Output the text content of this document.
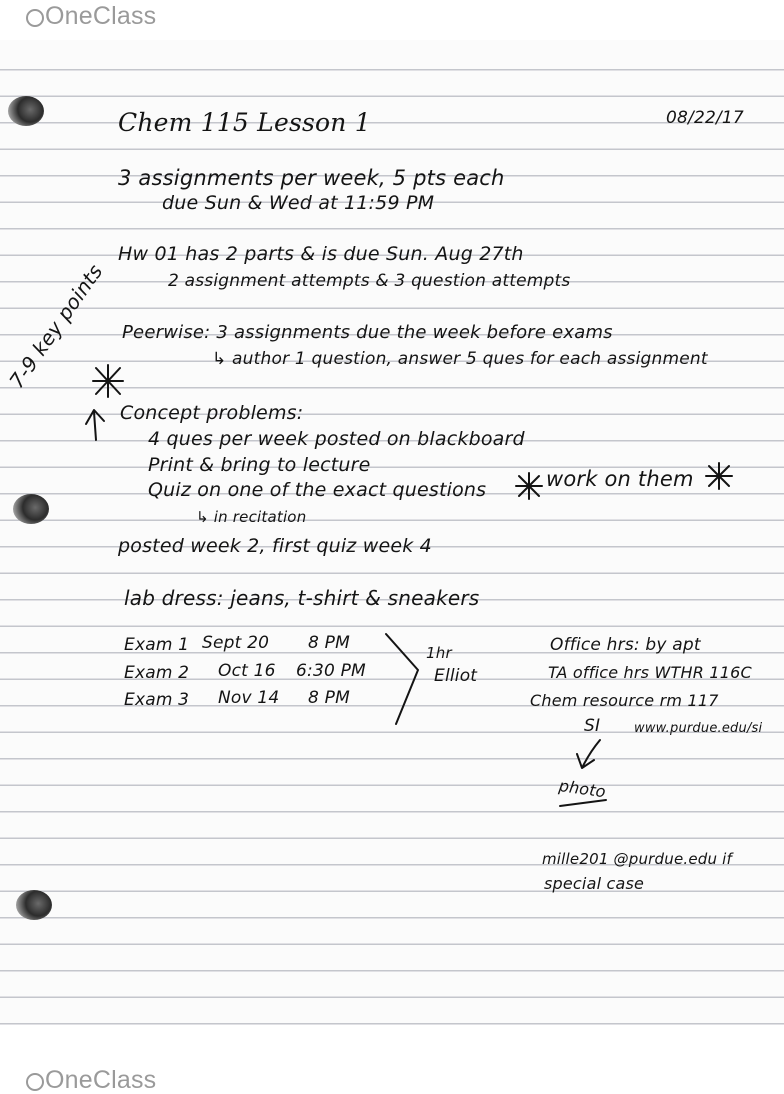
OneClass
Chem 115 Lesson 1	08/22/17
3 assignments per week, 5 pts each
due Sun & Wed at 11:59 PM
Hw 01 has 2 parts & is due Sun. Aug 27th
2 assignment attempts & 3 question attempts
Peerwise: 3 assignments due the week before exams
↳ author 1 question, answer 5 ques for each assignment
7-9 key points
Concept problems:
4 ques per week posted on blackboard
Print & bring to lecture
Quiz on one of the exact questions	work on them
↳ in recitation
posted week 2, first quiz week 4
lab dress: jeans, t-shirt & sneakers
Exam 1 Sept 20 8 PM
Exam 2 Oct 16 6:30 PM
Exam 3 Nov 14 8 PM
1hr
Elliot
Office hrs: by apt
TA office hrs WTHR 116C
Chem resource rm 117
SI	www.purdue.edu/si
photo
mille201 @purdue.edu if
special case
OneClass
